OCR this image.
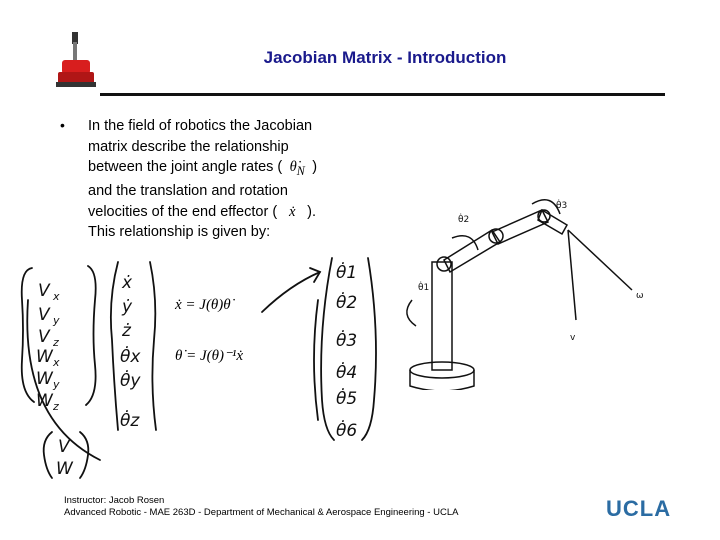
Jacobian Matrix - Introduction
• In the field of robotics the Jacobian
matrix describe the relationship
between the joint angle rates ( $\thetȧ_N$ )
and the translation and rotation
velocities of the end effector ( ẋ ).
This relationship is given by:
ẋ = J(θ)θ̇
θ̇ = J(θ)⁻¹ẋ
V
V
V
W
W
W
x
y
z
x
y
z
ẋ
ẏ
ż
θ̇x
θ̇y
θ̇z
V
W
θ̇1
θ̇2
θ̇3
θ̇4
θ̇5
θ̇6
θ̇2
θ̇3
θ̇1
ω
v
Instructor: Jacob Rosen
Advanced Robotic - MAE 263D - Department of Mechanical & Aerospace Engineering - UCLA	UCLA
